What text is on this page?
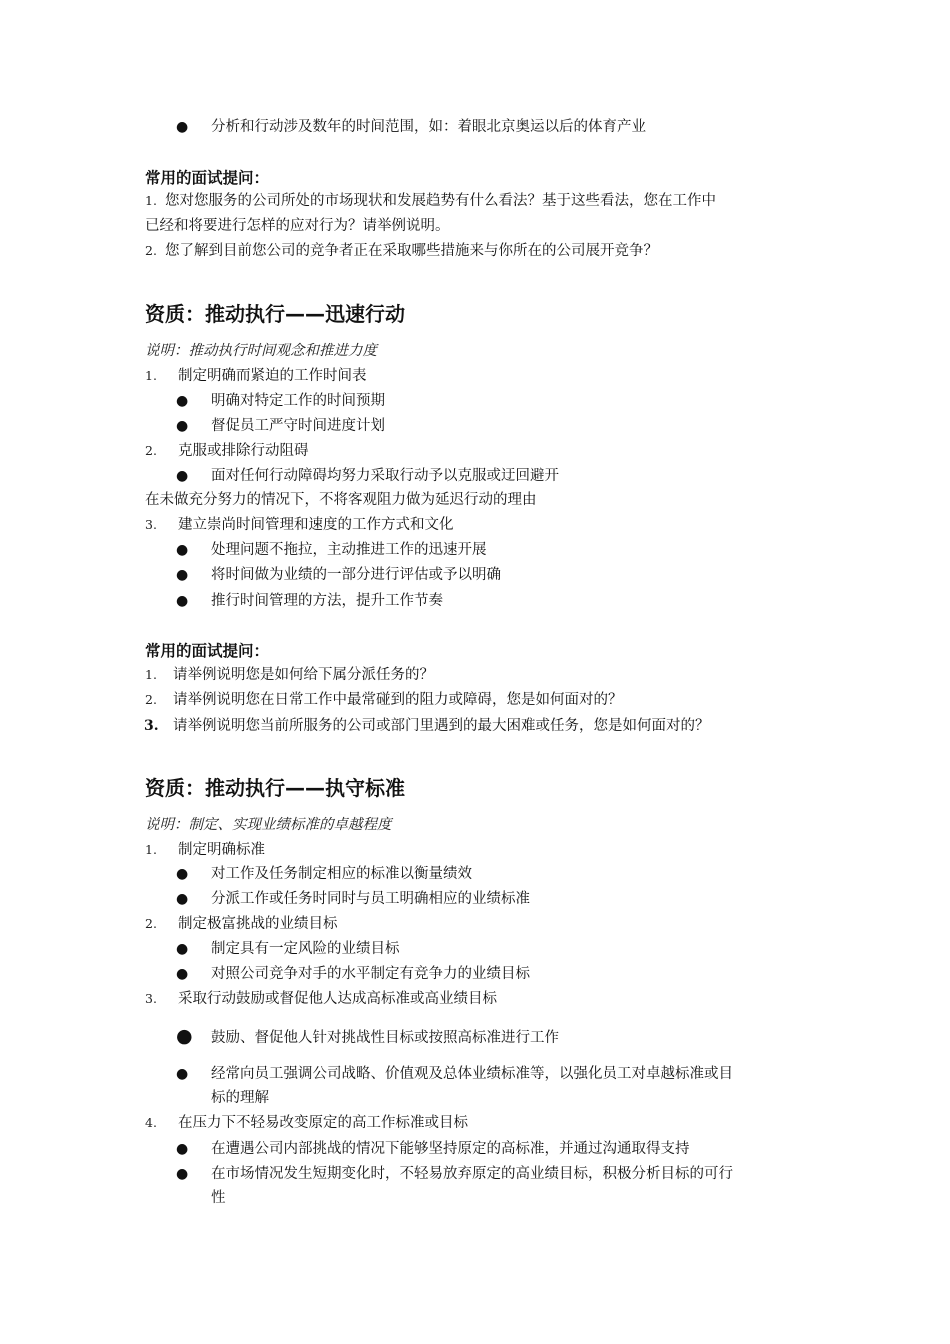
● 分析和行动涉及数年的时间范围，如：着眼北京奥运以后的体育产业
常用的面试提问：
1. 您对您服务的公司所处的市场现状和发展趋势有什么看法？基于这些看法，您在工作中
已经和将要进行怎样的应对行为？请举例说明。
2. 您了解到目前您公司的竞争者正在采取哪些措施来与你所在的公司展开竞争？
资质：推动执行——迅速行动
说明：推动执行时间观念和推进力度
1. 制定明确而紧迫的工作时间表
● 明确对特定工作的时间预期
● 督促员工严守时间进度计划
2. 克服或排除行动阻碍
● 面对任何行动障碍均努力采取行动予以克服或迂回避开
在未做充分努力的情况下，不将客观阻力做为延迟行动的理由
3. 建立崇尚时间管理和速度的工作方式和文化
● 处理问题不拖拉，主动推进工作的迅速开展
● 将时间做为业绩的一部分进行评估或予以明确
● 推行时间管理的方法，提升工作节奏
常用的面试提问：
1. 请举例说明您是如何给下属分派任务的？
2. 请举例说明您在日常工作中最常碰到的阻力或障碍，您是如何面对的？
3. 请举例说明您当前所服务的公司或部门里遇到的最大困难或任务，您是如何面对的？
资质：推动执行——执守标准
说明：制定、实现业绩标准的卓越程度
1. 制定明确标准
● 对工作及任务制定相应的标准以衡量绩效
● 分派工作或任务时同时与员工明确相应的业绩标准
2. 制定极富挑战的业绩目标
● 制定具有一定风险的业绩目标
● 对照公司竞争对手的水平制定有竞争力的业绩目标
3. 采取行动鼓励或督促他人达成高标准或高业绩目标
● 鼓励、督促他人针对挑战性目标或按照高标准进行工作
● 经常向员工强调公司战略、价值观及总体业绩标准等，以强化员工对卓越标准或目
标的理解
4. 在压力下不轻易改变原定的高工作标准或目标
● 在遭遇公司内部挑战的情况下能够坚持原定的高标准，并通过沟通取得支持
● 在市场情况发生短期变化时，不轻易放弃原定的高业绩目标，积极分析目标的可行
性
